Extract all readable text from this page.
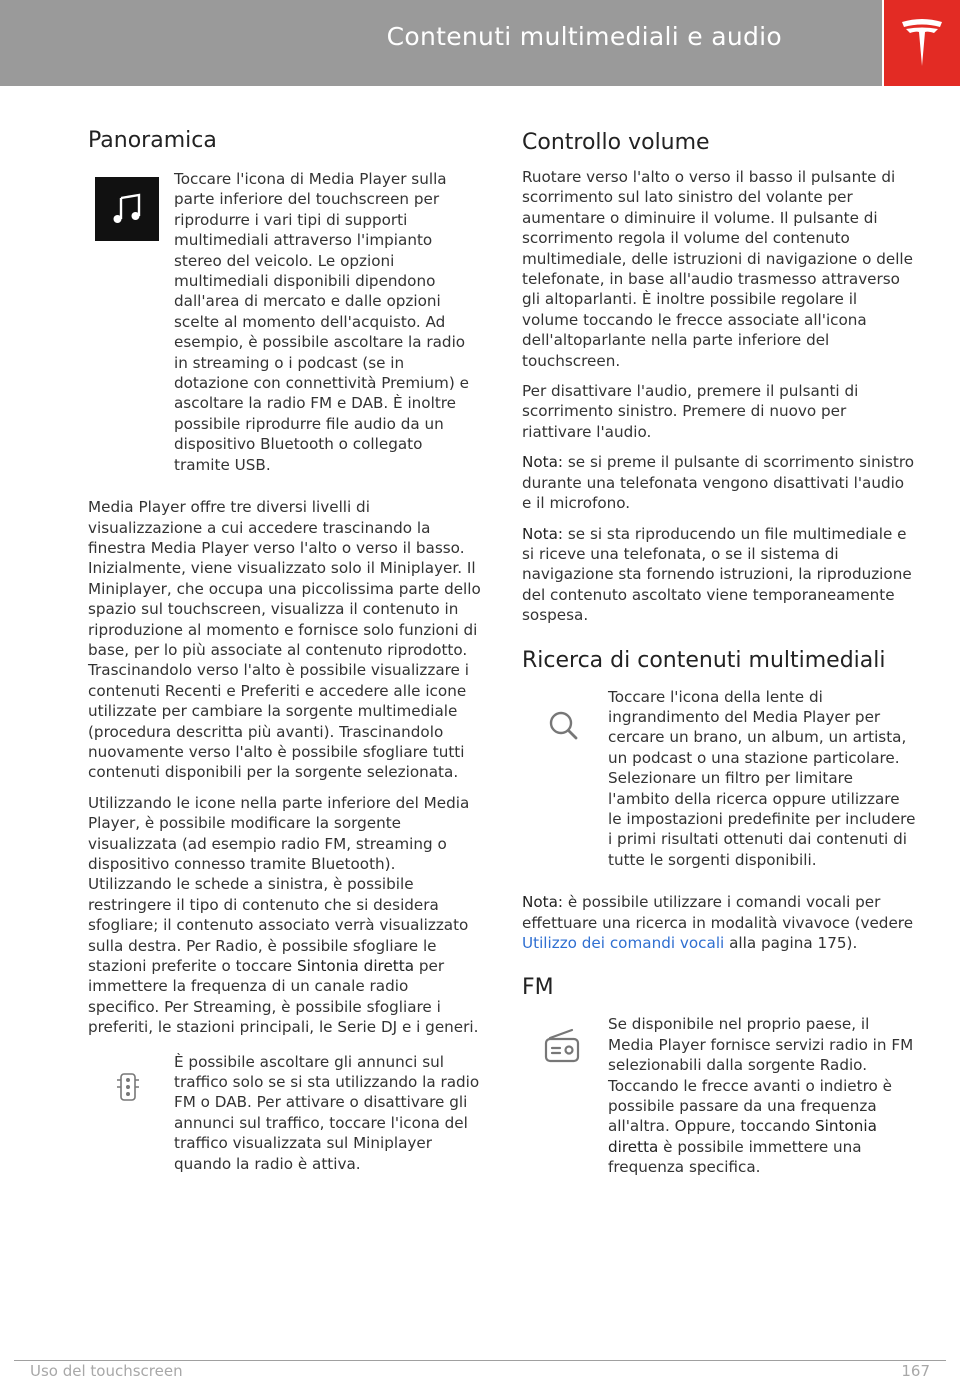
Contenuti multimediali e audio
Panoramica

Toccare l'icona di Media Player sulla parte inferiore del touchscreen per riprodurre i vari tipi di supporti multimediali attraverso l'impianto stereo del veicolo. Le opzioni multimediali disponibili dipendono dall'area di mercato e dalle opzioni scelte al momento dell'acquisto. Ad esempio, è possibile ascoltare la radio in streaming o i podcast (se in dotazione con connettività Premium) e ascoltare la radio FM e DAB. È inoltre possibile riprodurre file audio da un dispositivo Bluetooth o collegato tramite USB.

Media Player offre tre diversi livelli di visualizzazione a cui accedere trascinando la finestra Media Player verso l'alto o verso il basso. Inizialmente, viene visualizzato solo il Miniplayer. Il Miniplayer, che occupa una piccolissima parte dello spazio sul touchscreen, visualizza il contenuto in riproduzione al momento e fornisce solo funzioni di base, per lo più associate al contenuto riprodotto. Trascinandolo verso l'alto è possibile visualizzare i contenuti Recenti e Preferiti e accedere alle icone utilizzate per cambiare la sorgente multimediale (procedura descritta più avanti). Trascinandolo nuovamente verso l'alto è possibile sfogliare tutti contenuti disponibili per la sorgente selezionata.

Utilizzando le icone nella parte inferiore del Media Player, è possibile modificare la sorgente visualizzata (ad esempio radio FM, streaming o dispositivo connesso tramite Bluetooth). Utilizzando le schede a sinistra, è possibile restringere il tipo di contenuto che si desidera sfogliare; il contenuto associato verrà visualizzato sulla destra. Per Radio, è possibile sfogliare le stazioni preferite o toccare Sintonia diretta per immettere la frequenza di un canale radio specifico. Per Streaming, è possibile sfogliare i preferiti, le stazioni principali, le Serie DJ e i generi.

È possibile ascoltare gli annunci sul traffico solo se si sta utilizzando la radio FM o DAB. Per attivare o disattivare gli annunci sul traffico, toccare l'icona del traffico visualizzata sul Miniplayer quando la radio è attiva.

Controllo volume

Ruotare verso l'alto o verso il basso il pulsante di scorrimento sul lato sinistro del volante per aumentare o diminuire il volume. Il pulsante di scorrimento regola il volume del contenuto multimediale, delle istruzioni di navigazione o delle telefonate, in base all'audio trasmesso attraverso gli altoparlanti. È inoltre possibile regolare il volume toccando le frecce associate all'icona dell'altoparlante nella parte inferiore del touchscreen.

Per disattivare l'audio, premere il pulsanti di scorrimento sinistro. Premere di nuovo per riattivare l'audio.

Nota: se si preme il pulsante di scorrimento sinistro durante una telefonata vengono disattivati l'audio e il microfono.

Nota: se si sta riproducendo un file multimediale e si riceve una telefonata, o se il sistema di navigazione sta fornendo istruzioni, la riproduzione del contenuto ascoltato viene temporaneamente sospesa.

Ricerca di contenuti multimediali

Toccare l'icona della lente di ingrandimento del Media Player per cercare un brano, un album, un artista, un podcast o una stazione particolare. Selezionare un filtro per limitare l'ambito della ricerca oppure utilizzare le impostazioni predefinite per includere i primi risultati ottenuti dai contenuti di tutte le sorgenti disponibili.

Nota: è possibile utilizzare i comandi vocali per effettuare una ricerca in modalità vivavoce (vedere Utilizzo dei comandi vocali alla pagina 175).

FM

Se disponibile nel proprio paese, il Media Player fornisce servizi radio in FM selezionabili dalla sorgente Radio. Toccando le frecce avanti o indietro è possibile passare da una frequenza all'altra. Oppure, toccando Sintonia diretta è possibile immettere una frequenza specifica.

Uso del touchscreen	167
